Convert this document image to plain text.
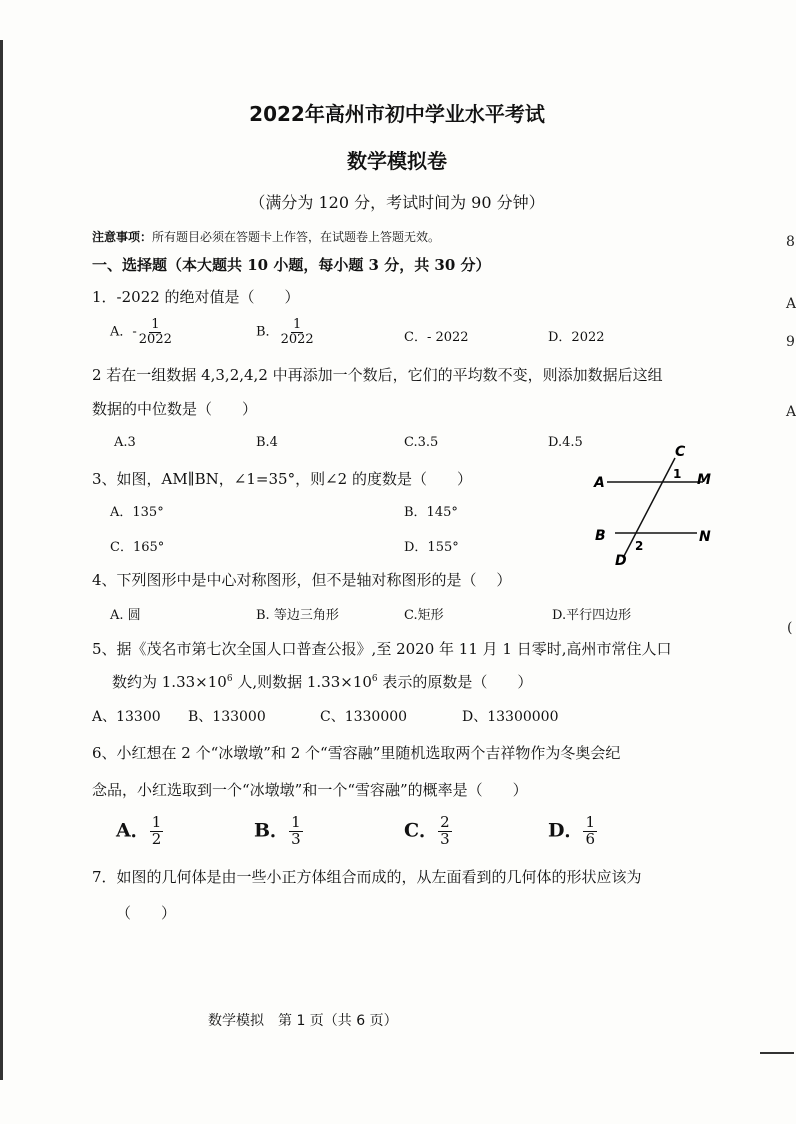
2022年高州市初中学业水平考试
数学模拟卷
（满分为 120 分，考试时间为 90 分钟）
注意事项：所有题目必须在答题卡上作答，在试题卷上答题无效。
一、选择题（本大题共 10 小题，每小题 3 分，共 30 分）
1．-2022 的绝对值是（　　）
A．- $\frac{1}{2022}$	B． $\frac{1}{2022}$	C．- 2022	D．2022
2 若在一组数据 4,3,2,4,2 中再添加一个数后，它们的平均数不变，则添加数据后这组
数据的中位数是（　　）
A.3	B.4	C.3.5	D.4.5
3、如图，AM∥BN，∠1=35°，则∠2 的度数是（　　）
A．135°	B．145°
C．165°	D．155°
A	M
B	N
C
D
1
2
4、下列图形中是中心对称图形，但不是轴对称图形的是（　 ）
A. 圆	B. 等边三角形	C.矩形	D.平行四边形
5、据《茂名市第七次全国人口普查公报》,至 2020 年 11 月 1 日零时,高州市常住人口
数约为 $1.33\times 10^6$ 人,则数据 $1.33\times 10^6$ 表示的原数是（　　）
A、13300 B、133000	C、1330000	D、13300000
6、小红想在 2 个“冰墩墩”和 2 个“雪容融”里随机选取两个吉祥物作为冬奥会纪
念品，小红选取到一个“冰墩墩”和一个“雪容融”的概率是（　　）
A． $\frac{1}{2}$	B． $\frac{1}{3}$	C． $\frac{2}{3}$	D． $\frac{1}{6}$
7．如图的几何体是由一些小正方体组合而成的，从左面看到的几何体的形状应该为
（　　）
数学模拟　第 1 页（共 6 页）
8
A
9
A
(
